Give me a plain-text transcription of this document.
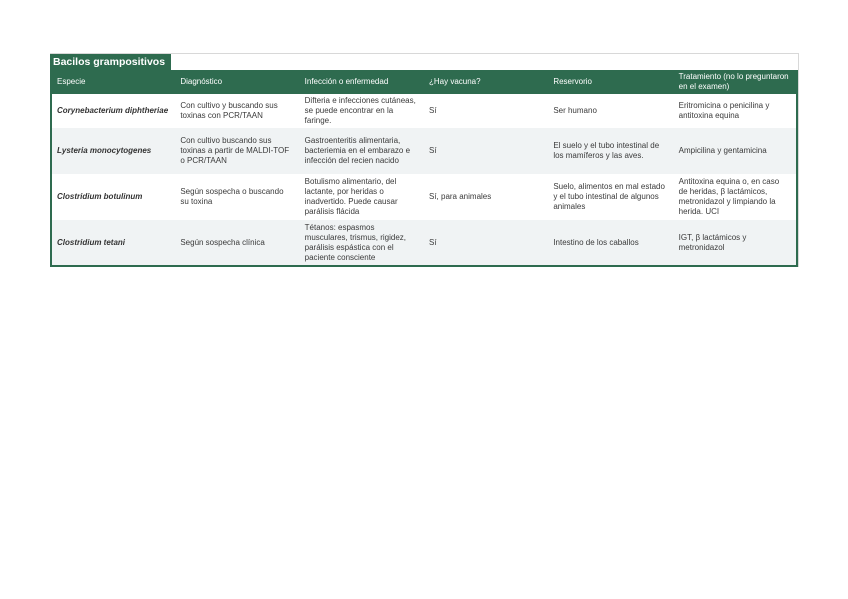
Bacilos grampositivos
Especie	Diagnóstico	Infección o enfermedad	¿Hay vacuna?	Reservorio	Tratamiento (no lo preguntaron en el examen)
Corynebacterium diphtheriae	Con cultivo y buscando sus toxinas con PCR/TAAN	Difteria e infecciones cutáneas, se puede encontrar en la faringe.	Sí	Ser humano	Eritromicina o penicilina y antitoxina equina
Lysteria monocytogenes	Con cultivo buscando sus toxinas a partir de MALDI-TOF o PCR/TAAN	Gastroenteritis alimentaria, bacteriemia en el embarazo e infección del recien nacido	Sí	El suelo y el tubo intestinal de los mamíferos y las aves.	Ampicilina y gentamicina
Clostridium botulinum	Según sospecha o buscando su toxina	Botulismo alimentario, del lactante, por heridas o inadvertido. Puede causar parálisis flácida	Sí, para animales	Suelo, alimentos en mal estado y el tubo intestinal de algunos animales	Antitoxina equina o, en caso de heridas, β lactámicos, metronidazol y limpiando la herida. UCI
Clostridium tetani	Según sospecha clínica	Tétanos: espasmos musculares, trismus, rigidez, parálisis espástica con el paciente consciente	Sí	Intestino de los caballos	IGT, β lactámicos y metronidazol
